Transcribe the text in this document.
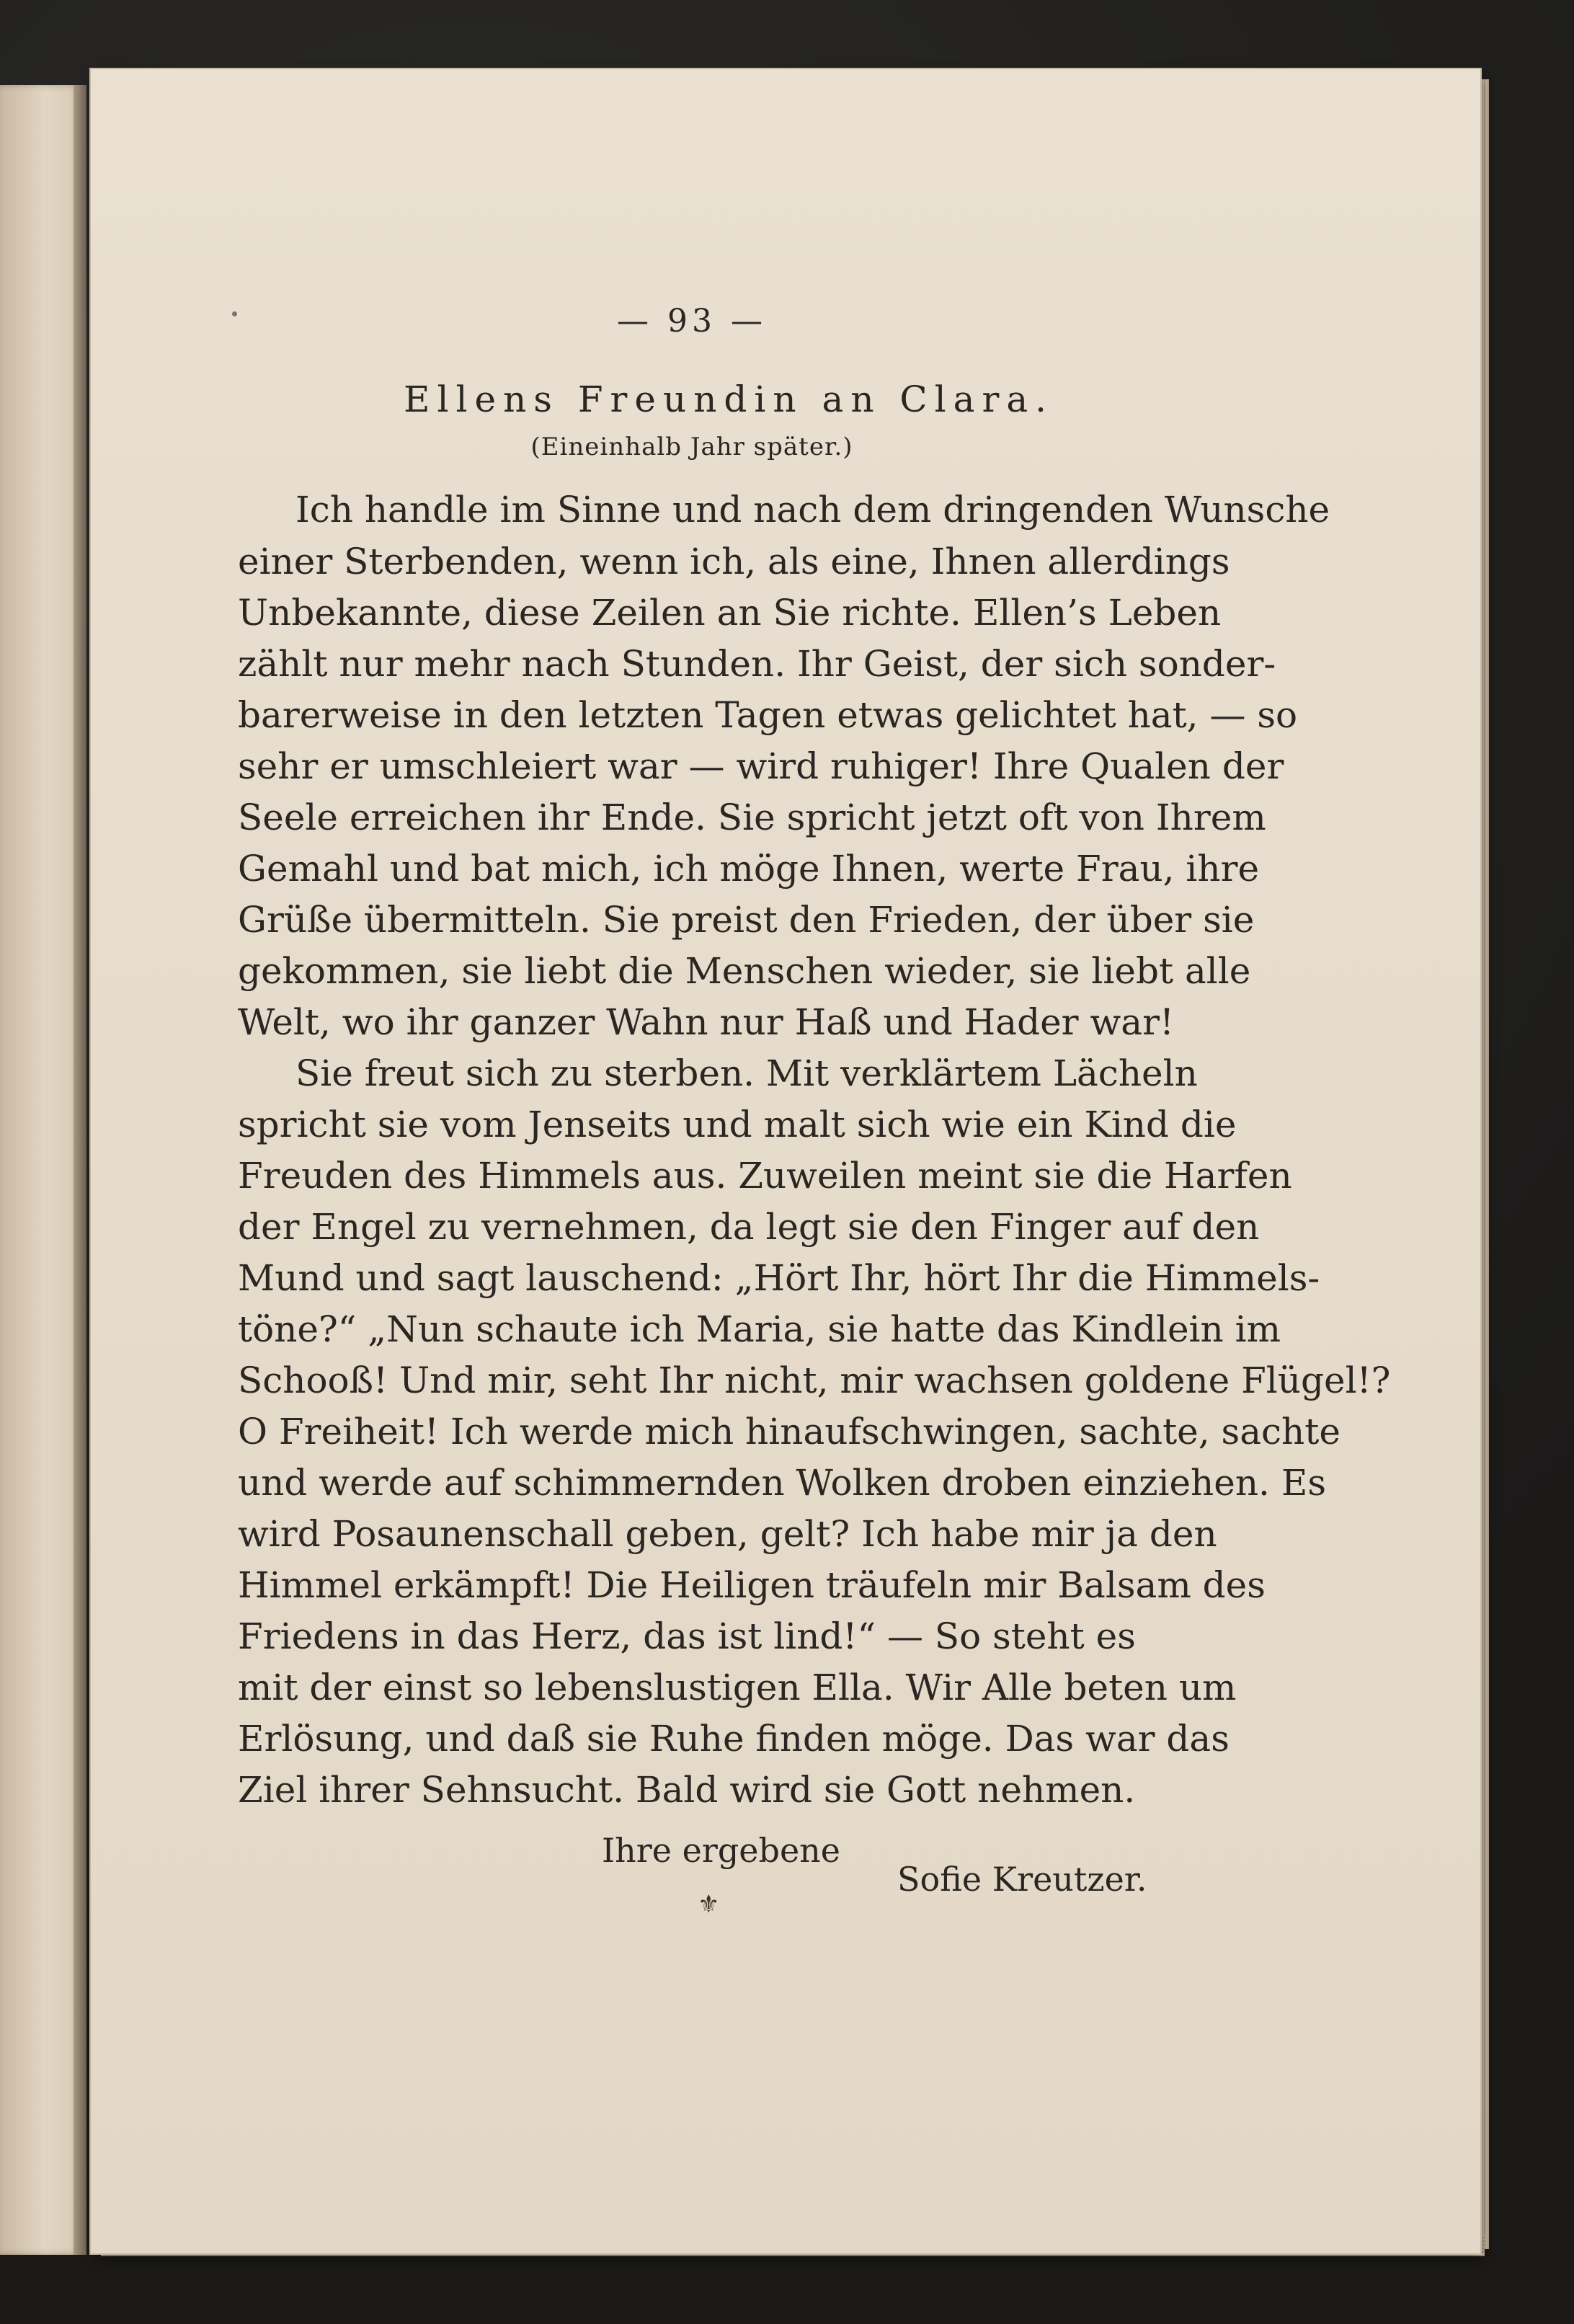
— 93 —
Ellens Freundin an Clara.
(Eineinhalb Jahr später.)
Ich handle im Sinne und nach dem dringenden Wunsche
einer Sterbenden, wenn ich, als eine, Ihnen allerdings
Unbekannte, diese Zeilen an Sie richte. Ellen’s Leben
zählt nur mehr nach Stunden. Ihr Geist, der sich sonder-
barerweise in den letzten Tagen etwas gelichtet hat, — so
sehr er umschleiert war — wird ruhiger! Ihre Qualen der
Seele erreichen ihr Ende. Sie spricht jetzt oft von Ihrem
Gemahl und bat mich, ich möge Ihnen, werte Frau, ihre
Grüße übermitteln. Sie preist den Frieden, der über sie
gekommen, sie liebt die Menschen wieder, sie liebt alle
Welt, wo ihr ganzer Wahn nur Haß und Hader war!
Sie freut sich zu sterben. Mit verklärtem Lächeln
spricht sie vom Jenseits und malt sich wie ein Kind die
Freuden des Himmels aus. Zuweilen meint sie die Harfen
der Engel zu vernehmen, da legt sie den Finger auf den
Mund und sagt lauschend: „Hört Ihr, hört Ihr die Himmels-
töne?“ „Nun schaute ich Maria, sie hatte das Kindlein im
Schooß! Und mir, seht Ihr nicht, mir wachsen goldene Flügel!?
O Freiheit! Ich werde mich hinaufschwingen, sachte, sachte
und werde auf schimmernden Wolken droben einziehen. Es
wird Posaunenschall geben, gelt? Ich habe mir ja den
Himmel erkämpft! Die Heiligen träufeln mir Balsam des
Friedens in das Herz, das ist lind!“ — So steht es
mit der einst so lebenslustigen Ella. Wir Alle beten um
Erlösung, und daß sie Ruhe finden möge. Das war das
Ziel ihrer Sehnsucht. Bald wird sie Gott nehmen.
Ihre ergebene
Sofie Kreutzer.
⚜
